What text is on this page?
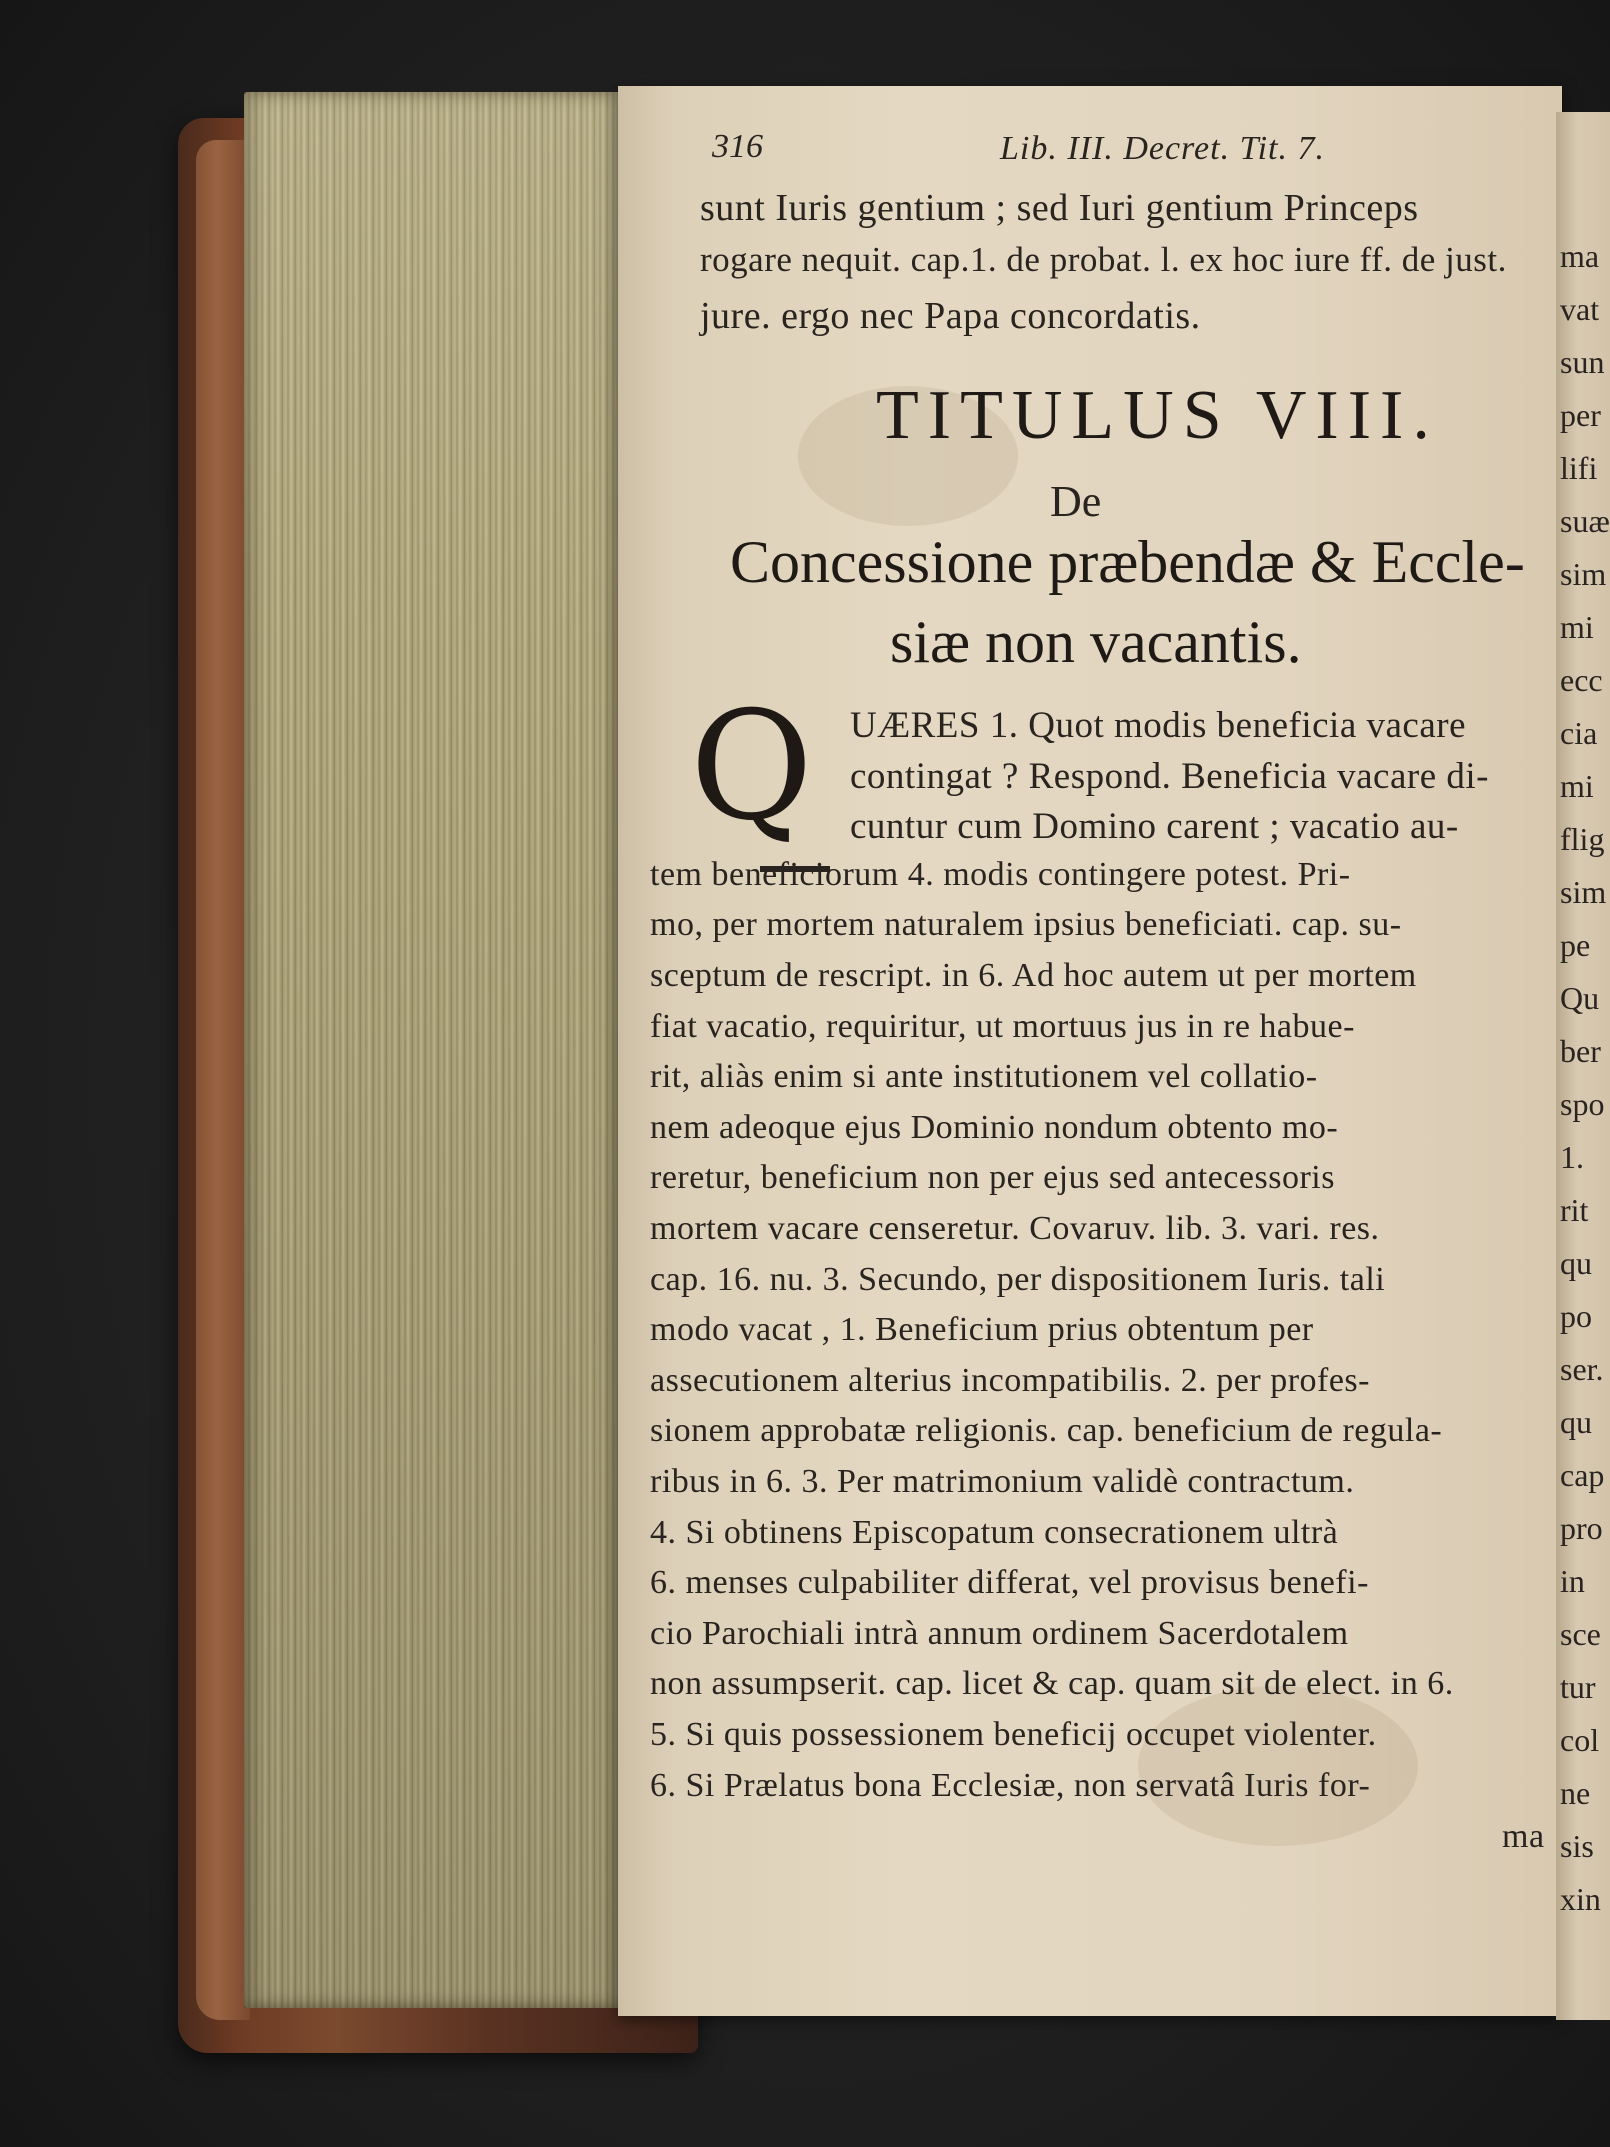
ma
vat
sun
per
lifi
suæ
sim
mi
ecc
cia
mi
flig
sim
pe
Qu
ber
spo
1.
rit
qu
po
ser.
qu
cap
pro
in
sce
tur
col
ne
sis
xin
316	Lib. III. Decret. Tit. 7.
sunt Iuris gentium ; sed Iuri gentium Princeps
rogare nequit. cap.1. de probat. l. ex hoc iure ff. de just.
jure. ergo nec Papa concordatis.
TITULUS VIII.
De
Concessione præbendæ & Eccle-
siæ non vacantis.
Q UÆRES 1. Quot modis beneficia vacare
contingat ? Respond. Beneficia vacare di-
cuntur cum Domino carent ; vacatio au-
tem beneficiorum 4. modis contingere potest. Pri-
mo, per mortem naturalem ipsius beneficiati. cap. su-
sceptum de rescript. in 6. Ad hoc autem ut per mortem
fiat vacatio, requiritur, ut mortuus jus in re habue-
rit, aliàs enim si ante institutionem vel collatio-
nem adeoque ejus Dominio nondum obtento mo-
reretur, beneficium non per ejus sed antecessoris
mortem vacare censeretur. Covaruv. lib. 3. vari. res.
cap. 16. nu. 3. Secundo, per dispositionem Iuris. tali
modo vacat , 1. Beneficium prius obtentum per
assecutionem alterius incompatibilis. 2. per profes-
sionem approbatæ religionis. cap. beneficium de regula-
ribus in 6. 3. Per matrimonium validè contractum.
4. Si obtinens Episcopatum consecrationem ultrà
6. menses culpabiliter differat, vel provisus benefi-
cio Parochiali intrà annum ordinem Sacerdotalem
non assumpserit. cap. licet & cap. quam sit de elect. in 6.
5. Si quis possessionem beneficij occupet violenter.
6. Si Prælatus bona Ecclesiæ, non servatâ Iuris for-
ma
